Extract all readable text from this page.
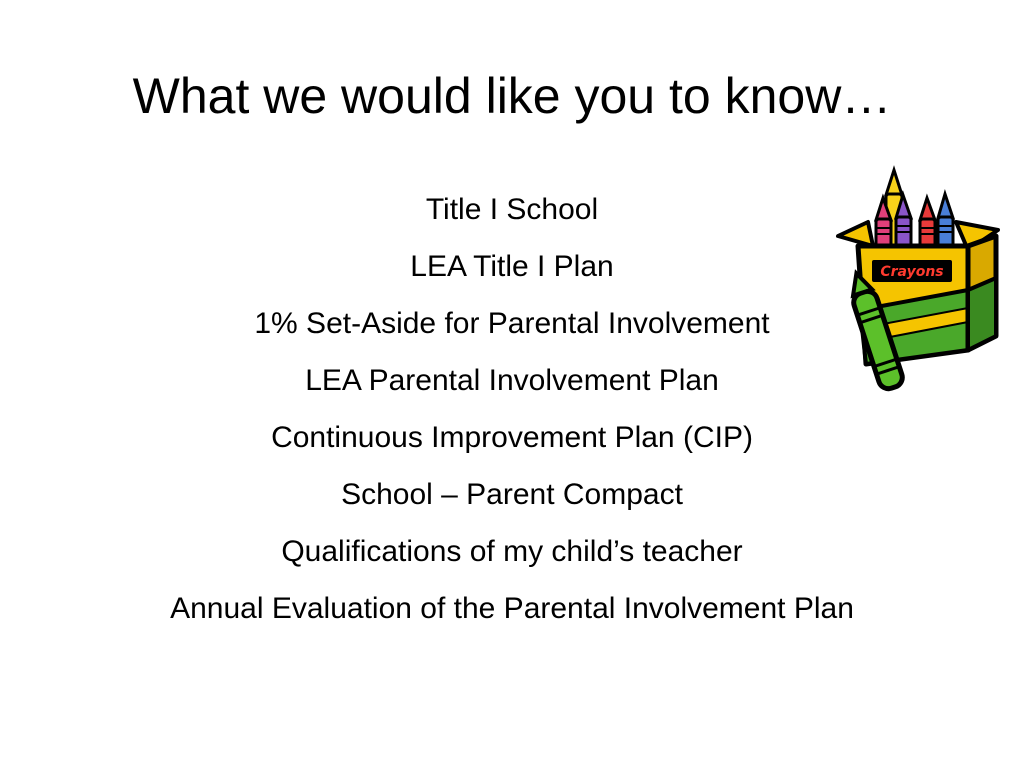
What we would like you to know…
Title I School
LEA Title I Plan
1% Set-Aside for Parental Involvement
LEA Parental Involvement Plan
Continuous Improvement Plan (CIP)
School – Parent Compact
Qualifications of my child’s teacher
Annual Evaluation of the Parental Involvement Plan
Crayons
